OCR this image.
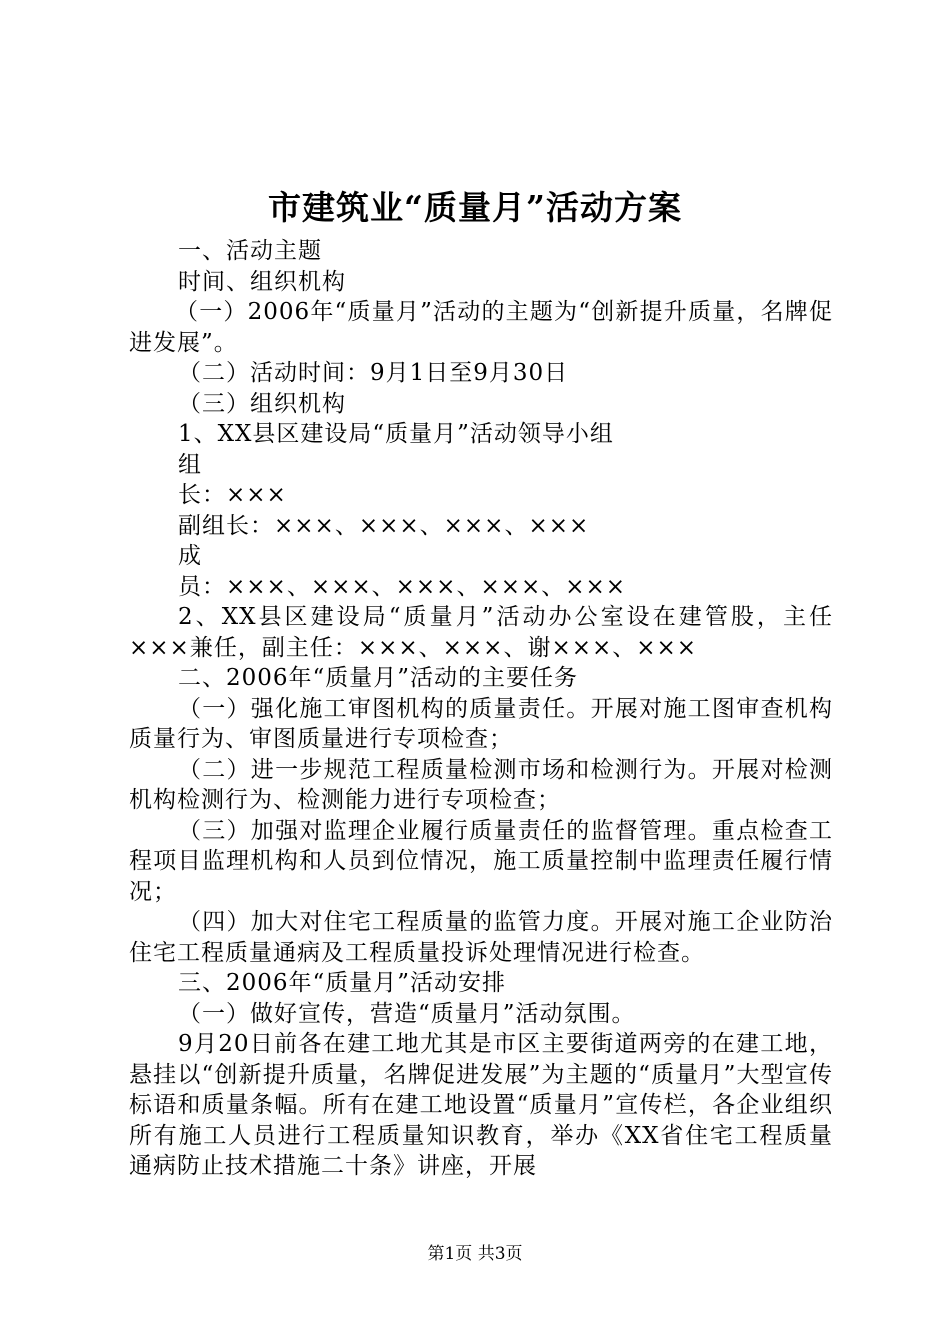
市建筑业“质量月”活动方案

一、活动主题

时间、组织机构

（一）2006年“质量月”活动的主题为“创新提升质量，名牌促进发展”。

（二）活动时间：9月1日至9月30日

（三）组织机构

1、XX县区建设局“质量月”活动领导小组

组

长：×××

副组长：×××、×××、×××、×××

成

员：×××、×××、×××、×××、×××

2、XX县区建设局“质量月”活动办公室设在建管股，主任×××兼任，副主任：×××、×××、谢×××、×××

二、2006年“质量月”活动的主要任务

（一）强化施工审图机构的质量责任。开展对施工图审查机构质量行为、审图质量进行专项检查；

（二）进一步规范工程质量检测市场和检测行为。开展对检测机构检测行为、检测能力进行专项检查；

（三）加强对监理企业履行质量责任的监督管理。重点检查工程项目监理机构和人员到位情况，施工质量控制中监理责任履行情况；

（四）加大对住宅工程质量的监管力度。开展对施工企业防治住宅工程质量通病及工程质量投诉处理情况进行检查。

三、2006年“质量月”活动安排

（一）做好宣传，营造“质量月”活动氛围。

9月20日前各在建工地尤其是市区主要街道两旁的在建工地，悬挂以“创新提升质量，名牌促进发展”为主题的“质量月”大型宣传标语和质量条幅。所有在建工地设置“质量月”宣传栏，各企业组织所有施工人员进行工程质量知识教育，举办《XX省住宅工程质量通病防止技术措施二十条》讲座，开展

第1页 共3页
